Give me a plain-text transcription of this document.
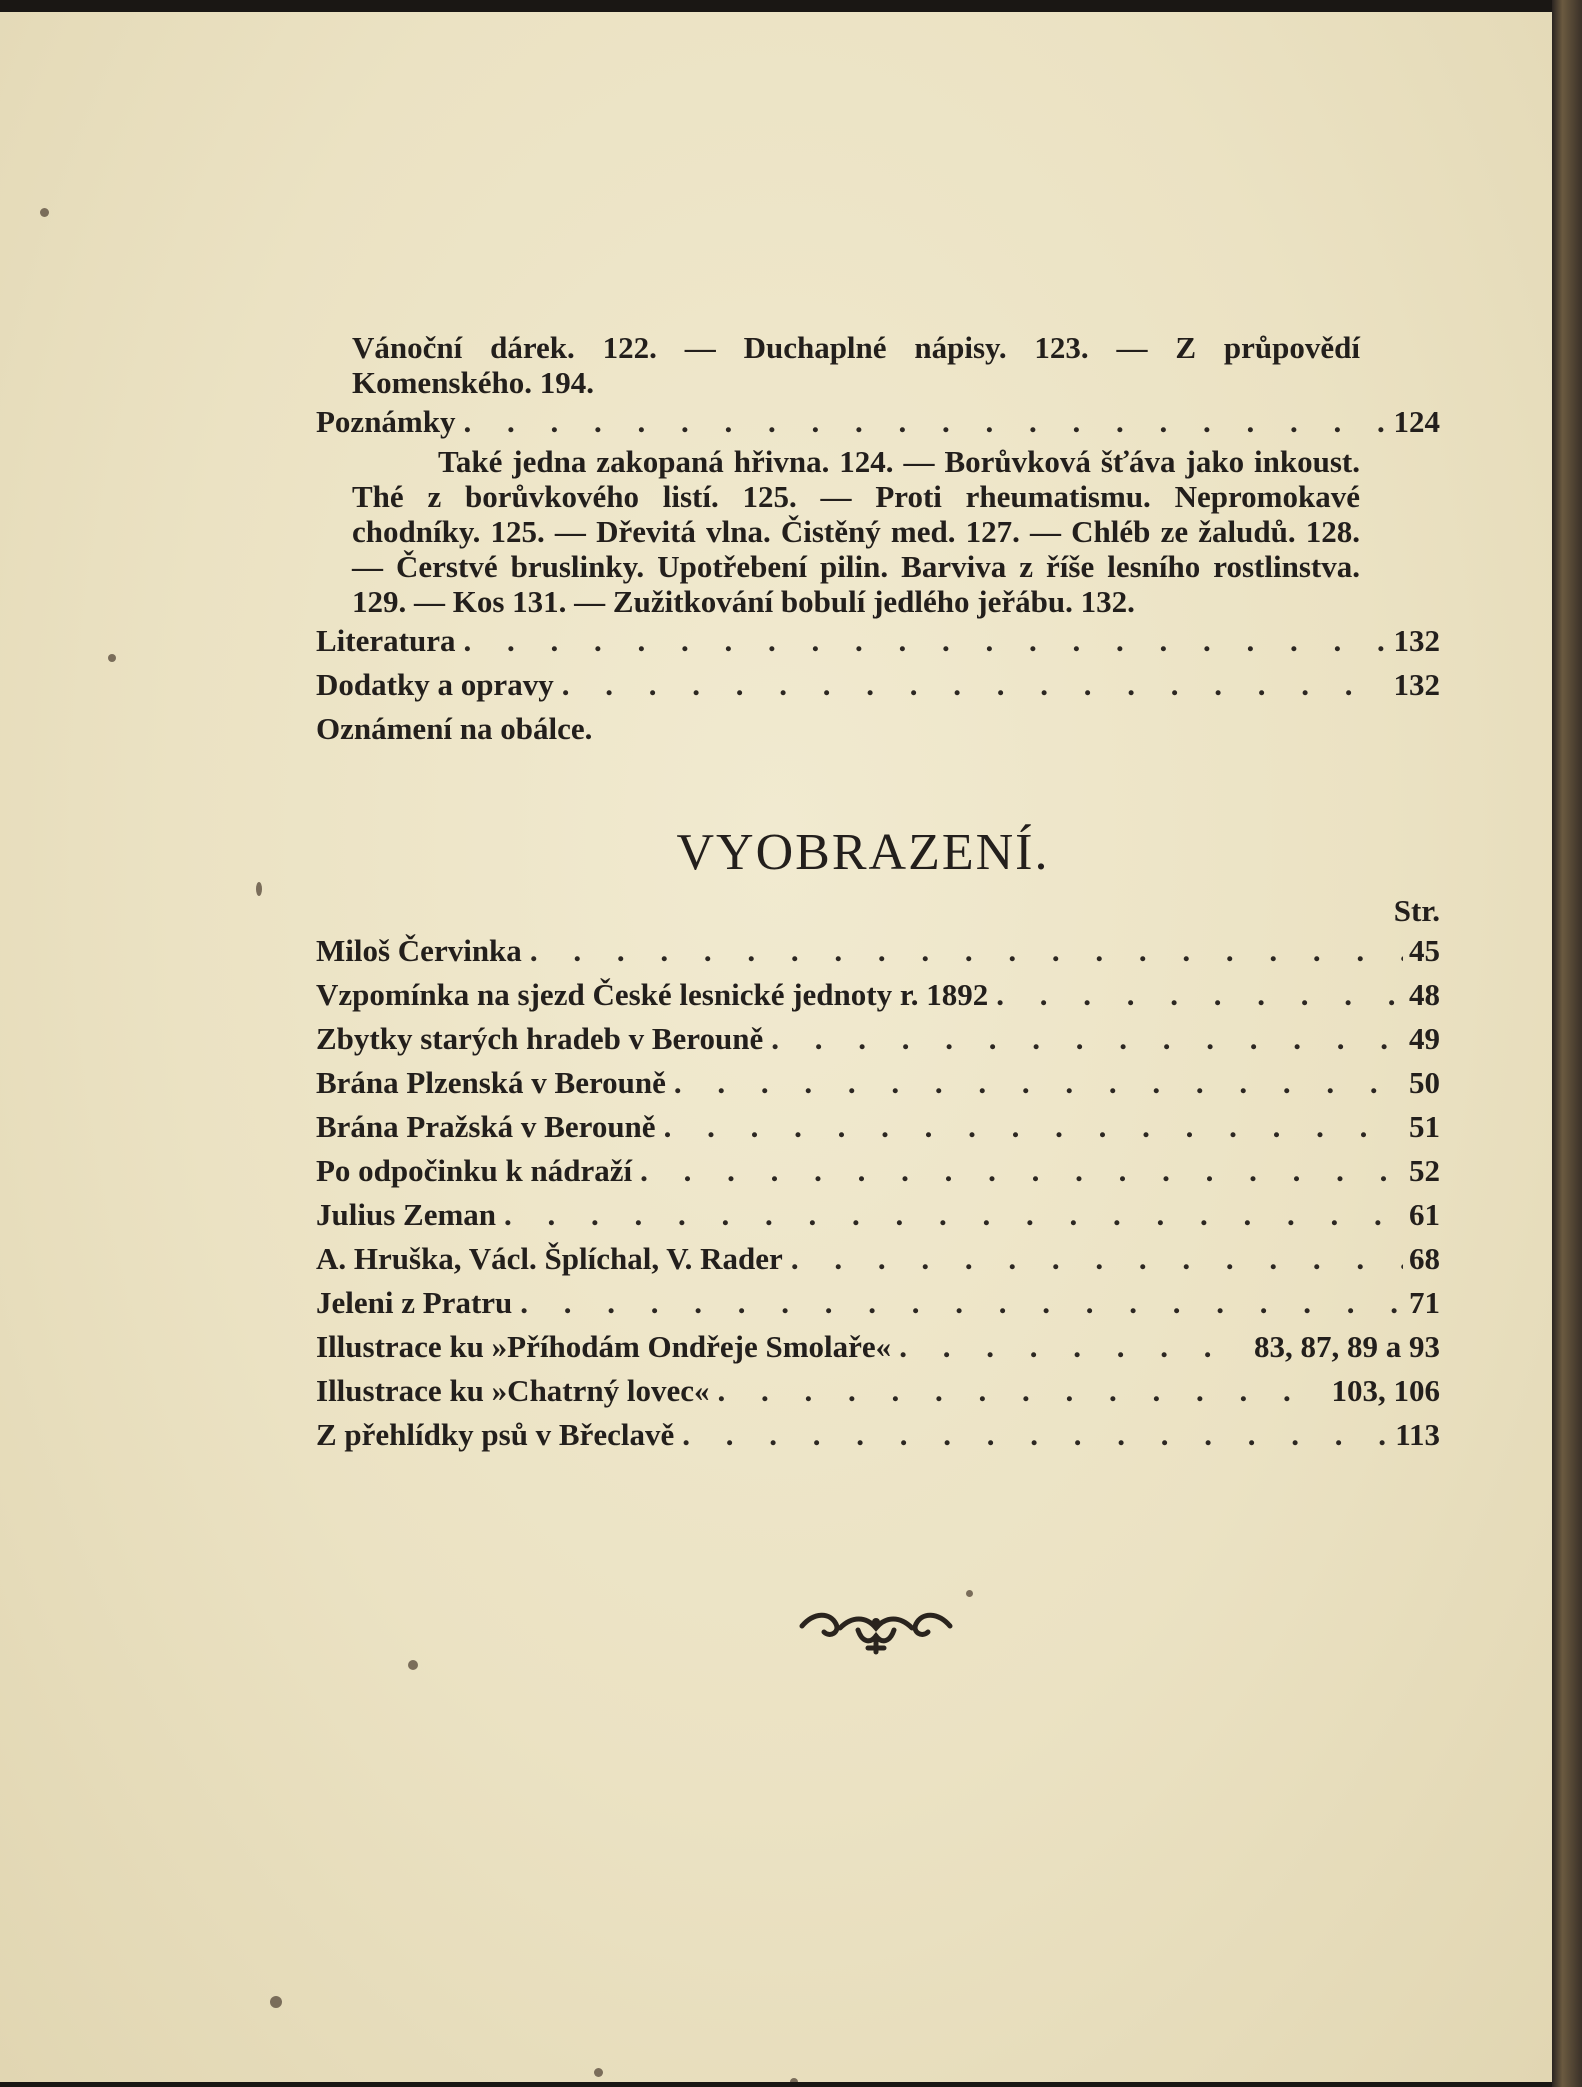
Vánoční dárek. 122. — Duchaplné nápisy. 123. — Z průpovědí Komenského. 194.

Poznámky . . .	124

Také jedna zakopaná hřivna. 124. — Borůvková šťáva jako inkoust. Thé z borůvkového listí. 125. — Proti rheumatismu. Nepromokavé chodníky. 125. — Dřevitá vlna. Čistěný med. 127. — Chléb ze žaludů. 128. — Čerstvé bruslinky. Upotřebení pilin. Barviva z říše lesního rostlinstva. 129. — Kos 131. — Zužitkování bobulí jedlého jeřábu. 132.

Literatura . . .	132
Dodatky a opravy . . .	132
Oznámení na obálce.
VYOBRAZENÍ.
Str.
Miloš Červinka . . .	45
Vzpomínka na sjezd České lesnické jednoty r. 1892 . . .	48
Zbytky starých hradeb v Berouně . . .	49
Brána Plzenská v Berouně . . .	50
Brána Pražská v Berouně . . .	51
Po odpočinku k nádraží . . .	52
Julius Zeman . . .	61
A. Hruška, Václ. Šplíchal, V. Rader . . .	68
Jeleni z Pratru . . .	71
Illustrace ku »Příhodám Ondřeje Smolaře« . . .	83, 87, 89 a 93
Illustrace ku »Chatrný lovec« . . .	103, 106
Z přehlídky psů v Břeclavě . . .	113
